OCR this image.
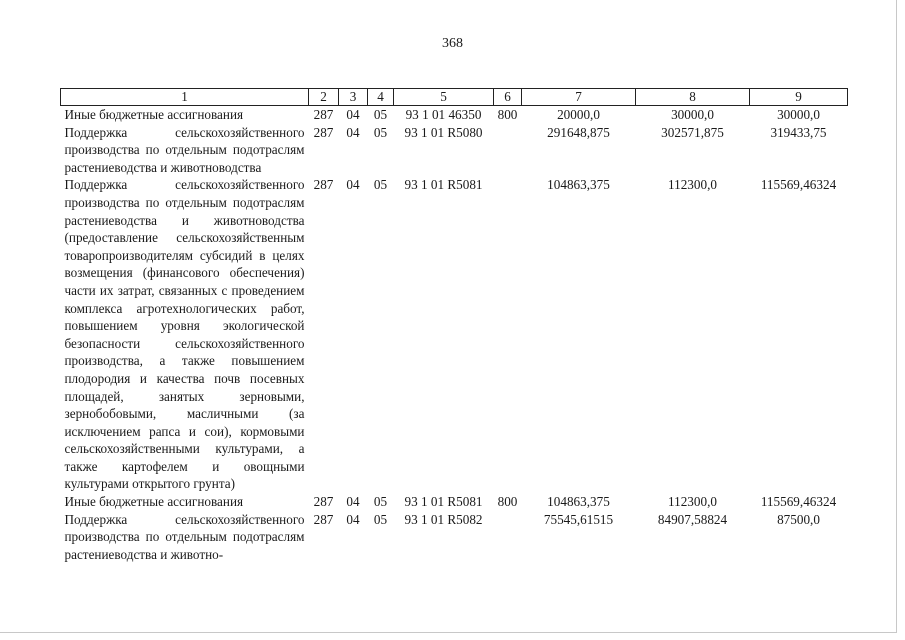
368
1	2	3	4	5	6	7	8	9
Иные бюджетные ассигнования	287	04	05	93 1 01 46350	800	20000,0	30000,0	30000,0
Поддержка сельскохозяйственного производства по отдельным подотраслям растениеводства и животноводства	287	04	05	93 1 01 R5080		291648,875	302571,875	319433,75
Поддержка сельскохозяйственного производства по отдельным подотраслям растениеводства и животноводства (предоставление сельскохозяйственным товаропроизводителям субсидий в целях возмещения (финансового обеспечения) части их затрат, связанных с проведением комплекса агротехнологических работ, повышением уровня экологической безопасности сельскохозяйственного производства, а также повышением плодородия и качества почв посевных площадей, занятых зерновыми, зернобобовыми, масличными (за исключением рапса и сои), кормовыми сельскохозяйственными культурами, а также картофелем и овощными культурами открытого грунта)	287	04	05	93 1 01 R5081		104863,375	112300,0	115569,46324
Иные бюджетные ассигнования	287	04	05	93 1 01 R5081	800	104863,375	112300,0	115569,46324
Поддержка сельскохозяйственного производства по отдельным подотраслям растениеводства и животно-	287	04	05	93 1 01 R5082		75545,61515	84907,58824	87500,0
